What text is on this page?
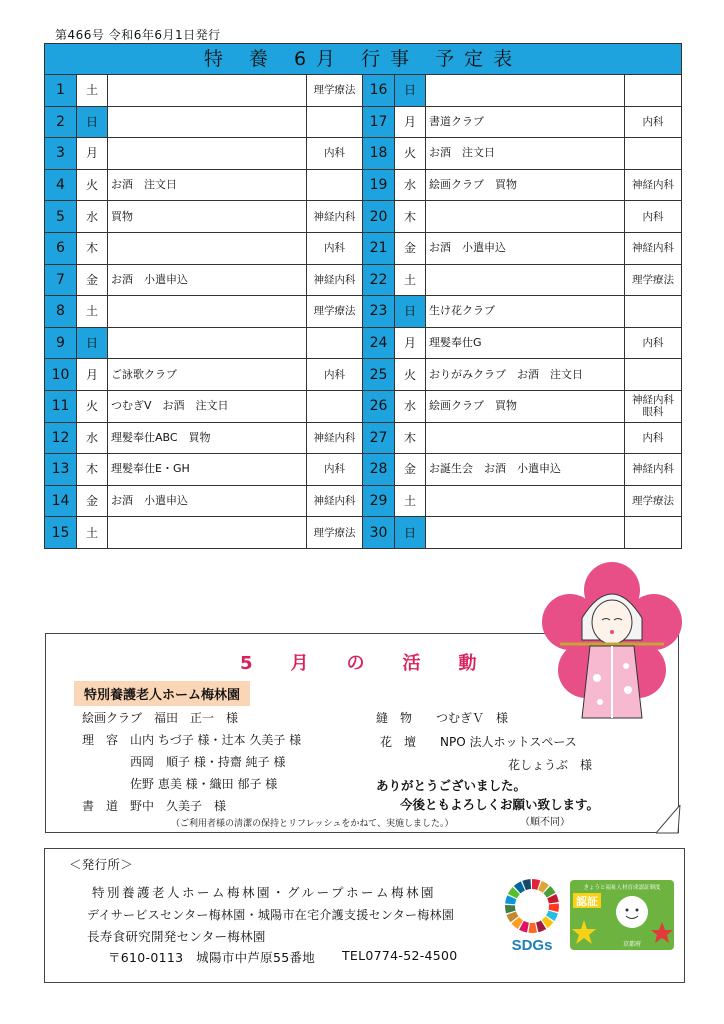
第466号 令和6年6月1日発行
特 養 6月 行事 予定表							
1	土		理学療法	16	日		
2	日			17	月	書道クラブ	内科
3	月		内科	18	火	お酒　注文日	
4	火	お酒　注文日		19	水	絵画クラブ　買物	神経内科
5	水	買物	神経内科	20	木		内科
6	木		内科	21	金	お酒　小遣申込	神経内科
7	金	お酒　小遣申込	神経内科	22	土		理学療法
8	土		理学療法	23	日	生け花クラブ	
9	日			24	月	理髪奉仕G	内科
10	月	ご詠歌クラブ	内科	25	火	おりがみクラブ　お酒　注文日	
11	火	つむぎV　お酒　注文日		26	水	絵画クラブ　買物	神経内科 眼科
12	水	理髪奉仕ABC　買物	神経内科	27	木		内科
13	木	理髪奉仕E・GH	内科	28	金	お誕生会　お酒　小遣申込	神経内科
14	金	お酒　小遣申込	神経内科	29	土		理学療法
15	土		理学療法	30	日		
5月の活動
特別養護老人ホーム梅林園
絵画クラブ　福田　正一　様
理　容　山内 ちづ子 様・辻本 久美子 様
　　　　西岡　順子 様・持齋 純子 様
　　　　佐野 恵美 様・織田 郁子 様
書　道　野中　久美子　様
縫　物　　つむぎＶ　様
花　壇　　NPO 法人ホットスペース
花しょうぶ　様
ありがとうございました。
今後ともよろしくお願い致します。
（ご利用者様の清潔の保持とリフレッシュをかねて、実施しました。）	（順不同）
＜発行所＞
特別養護老人ホーム梅林園・グループホーム梅林園
デイサービスセンター梅林園・城陽市在宅介護支援センター梅林園
長寿食研究開発センター梅林園
〒610-0113　城陽市中芦原55番地 TEL0774-52-4500
SDGs
きょうと福祉人材育成認証制度
認証
京都府
